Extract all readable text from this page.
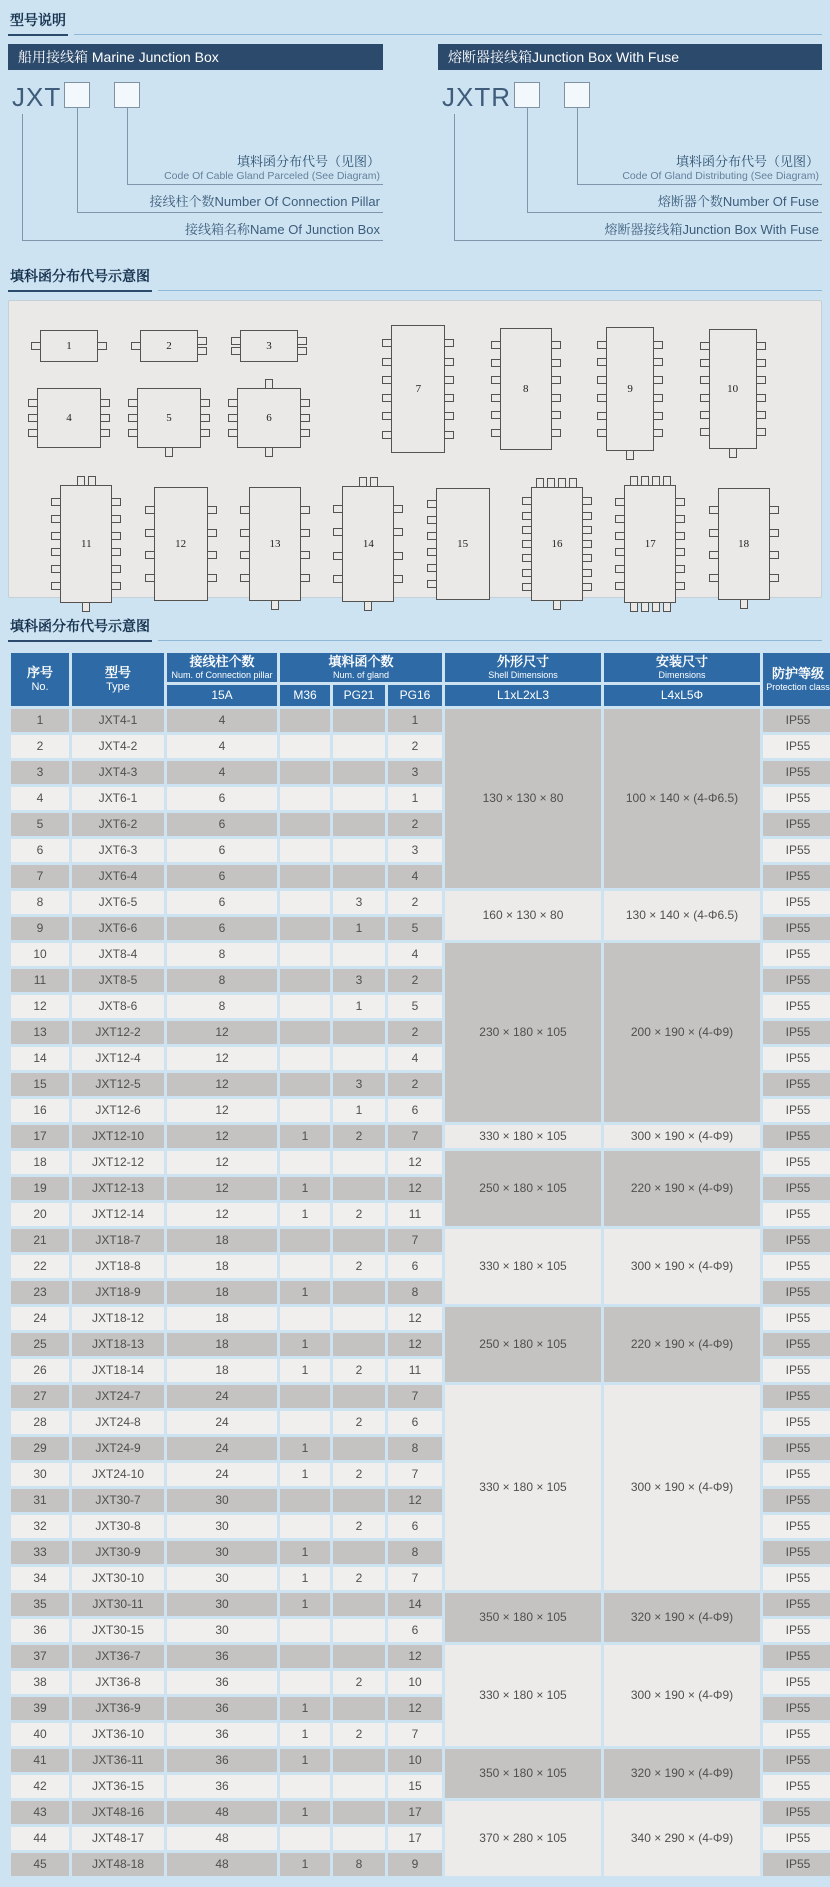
型号说明
船用接线箱 Marine Junction Box
JXT
填料函分布代号（见图）
Code Of Cable Gland Parceled (See Diagram)
接线柱个数Number Of Connection Pillar
接线箱名称Name Of Junction Box
熔断器接线箱Junction Box With Fuse
JXTR
填料函分布代号（见图）
Code Of Gland Distributing (See Diagram)
熔断器个数Number Of Fuse
熔断器接线箱Junction Box With Fuse
填科函分布代号示意图
1	2	3
4	5	6
7	8	9	10
11	12	13	14	15	16	17	18
填科函分布代号示意图
序号
No.

型号
Type

接线柱个数
Num. of Connection pillar

填料函个数
Num. of gland

外形尺寸
Shell Dimensions

安装尺寸
Dimensions	防护等级
Protection class

		15A	M36	PG21	PG16	L1xL2xL3	L4xL5Φ	
1	JXT4-1	4			1	130 × 130 × 80	100 × 140 × (4-Φ6.5)	IP55
2	JXT4-2	4			2			IP55
3	JXT4-3	4			3			IP55
4	JXT6-1	6			1			IP55
5	JXT6-2	6			2			IP55
6	JXT6-3	6			3			IP55
7	JXT6-4	6			4			IP55
8	JXT6-5	6		3	2	160 × 130 × 80	130 × 140 × (4-Φ6.5)	IP55
9	JXT6-6	6		1	5			IP55
10	JXT8-4	8			4	230 × 180 × 105	200 × 190 × (4-Φ9)	IP55
11	JXT8-5	8		3	2			IP55
12	JXT8-6	8		1	5			IP55
13	JXT12-2	12			2			IP55
14	JXT12-4	12			4			IP55
15	JXT12-5	12		3	2			IP55
16	JXT12-6	12		1	6			IP55
17	JXT12-10	12	1	2	7	330 × 180 × 105	300 × 190 × (4-Φ9)	IP55
18	JXT12-12	12			12	250 × 180 × 105	220 × 190 × (4-Φ9)	IP55
19	JXT12-13	12	1		12			IP55
20	JXT12-14	12	1	2	11			IP55
21	JXT18-7	18			7	330 × 180 × 105	300 × 190 × (4-Φ9)	IP55
22	JXT18-8	18		2	6			IP55
23	JXT18-9	18	1		8			IP55
24	JXT18-12	18			12	250 × 180 × 105	220 × 190 × (4-Φ9)	IP55
25	JXT18-13	18	1		12			IP55
26	JXT18-14	18	1	2	11			IP55
27	JXT24-7	24			7	330 × 180 × 105	300 × 190 × (4-Φ9)	IP55
28	JXT24-8	24		2	6			IP55
29	JXT24-9	24	1		8			IP55
30	JXT24-10	24	1	2	7			IP55
31	JXT30-7	30			12			IP55
32	JXT30-8	30		2	6			IP55
33	JXT30-9	30	1		8			IP55
34	JXT30-10	30	1	2	7			IP55
35	JXT30-11	30	1		14	350 × 180 × 105	320 × 190 × (4-Φ9)	IP55
36	JXT30-15	30			6			IP55
37	JXT36-7	36			12	330 × 180 × 105	300 × 190 × (4-Φ9)	IP55
38	JXT36-8	36		2	10			IP55
39	JXT36-9	36	1		12			IP55
40	JXT36-10	36	1	2	7			IP55
41	JXT36-11	36	1		10	350 × 180 × 105	320 × 190 × (4-Φ9)	IP55
42	JXT36-15	36			15			IP55
43	JXT48-16	48	1		17	370 × 280 × 105	340 × 290 × (4-Φ9)	IP55
44	JXT48-17	48			17			IP55
45	JXT48-18	48	1	8	9			IP55
